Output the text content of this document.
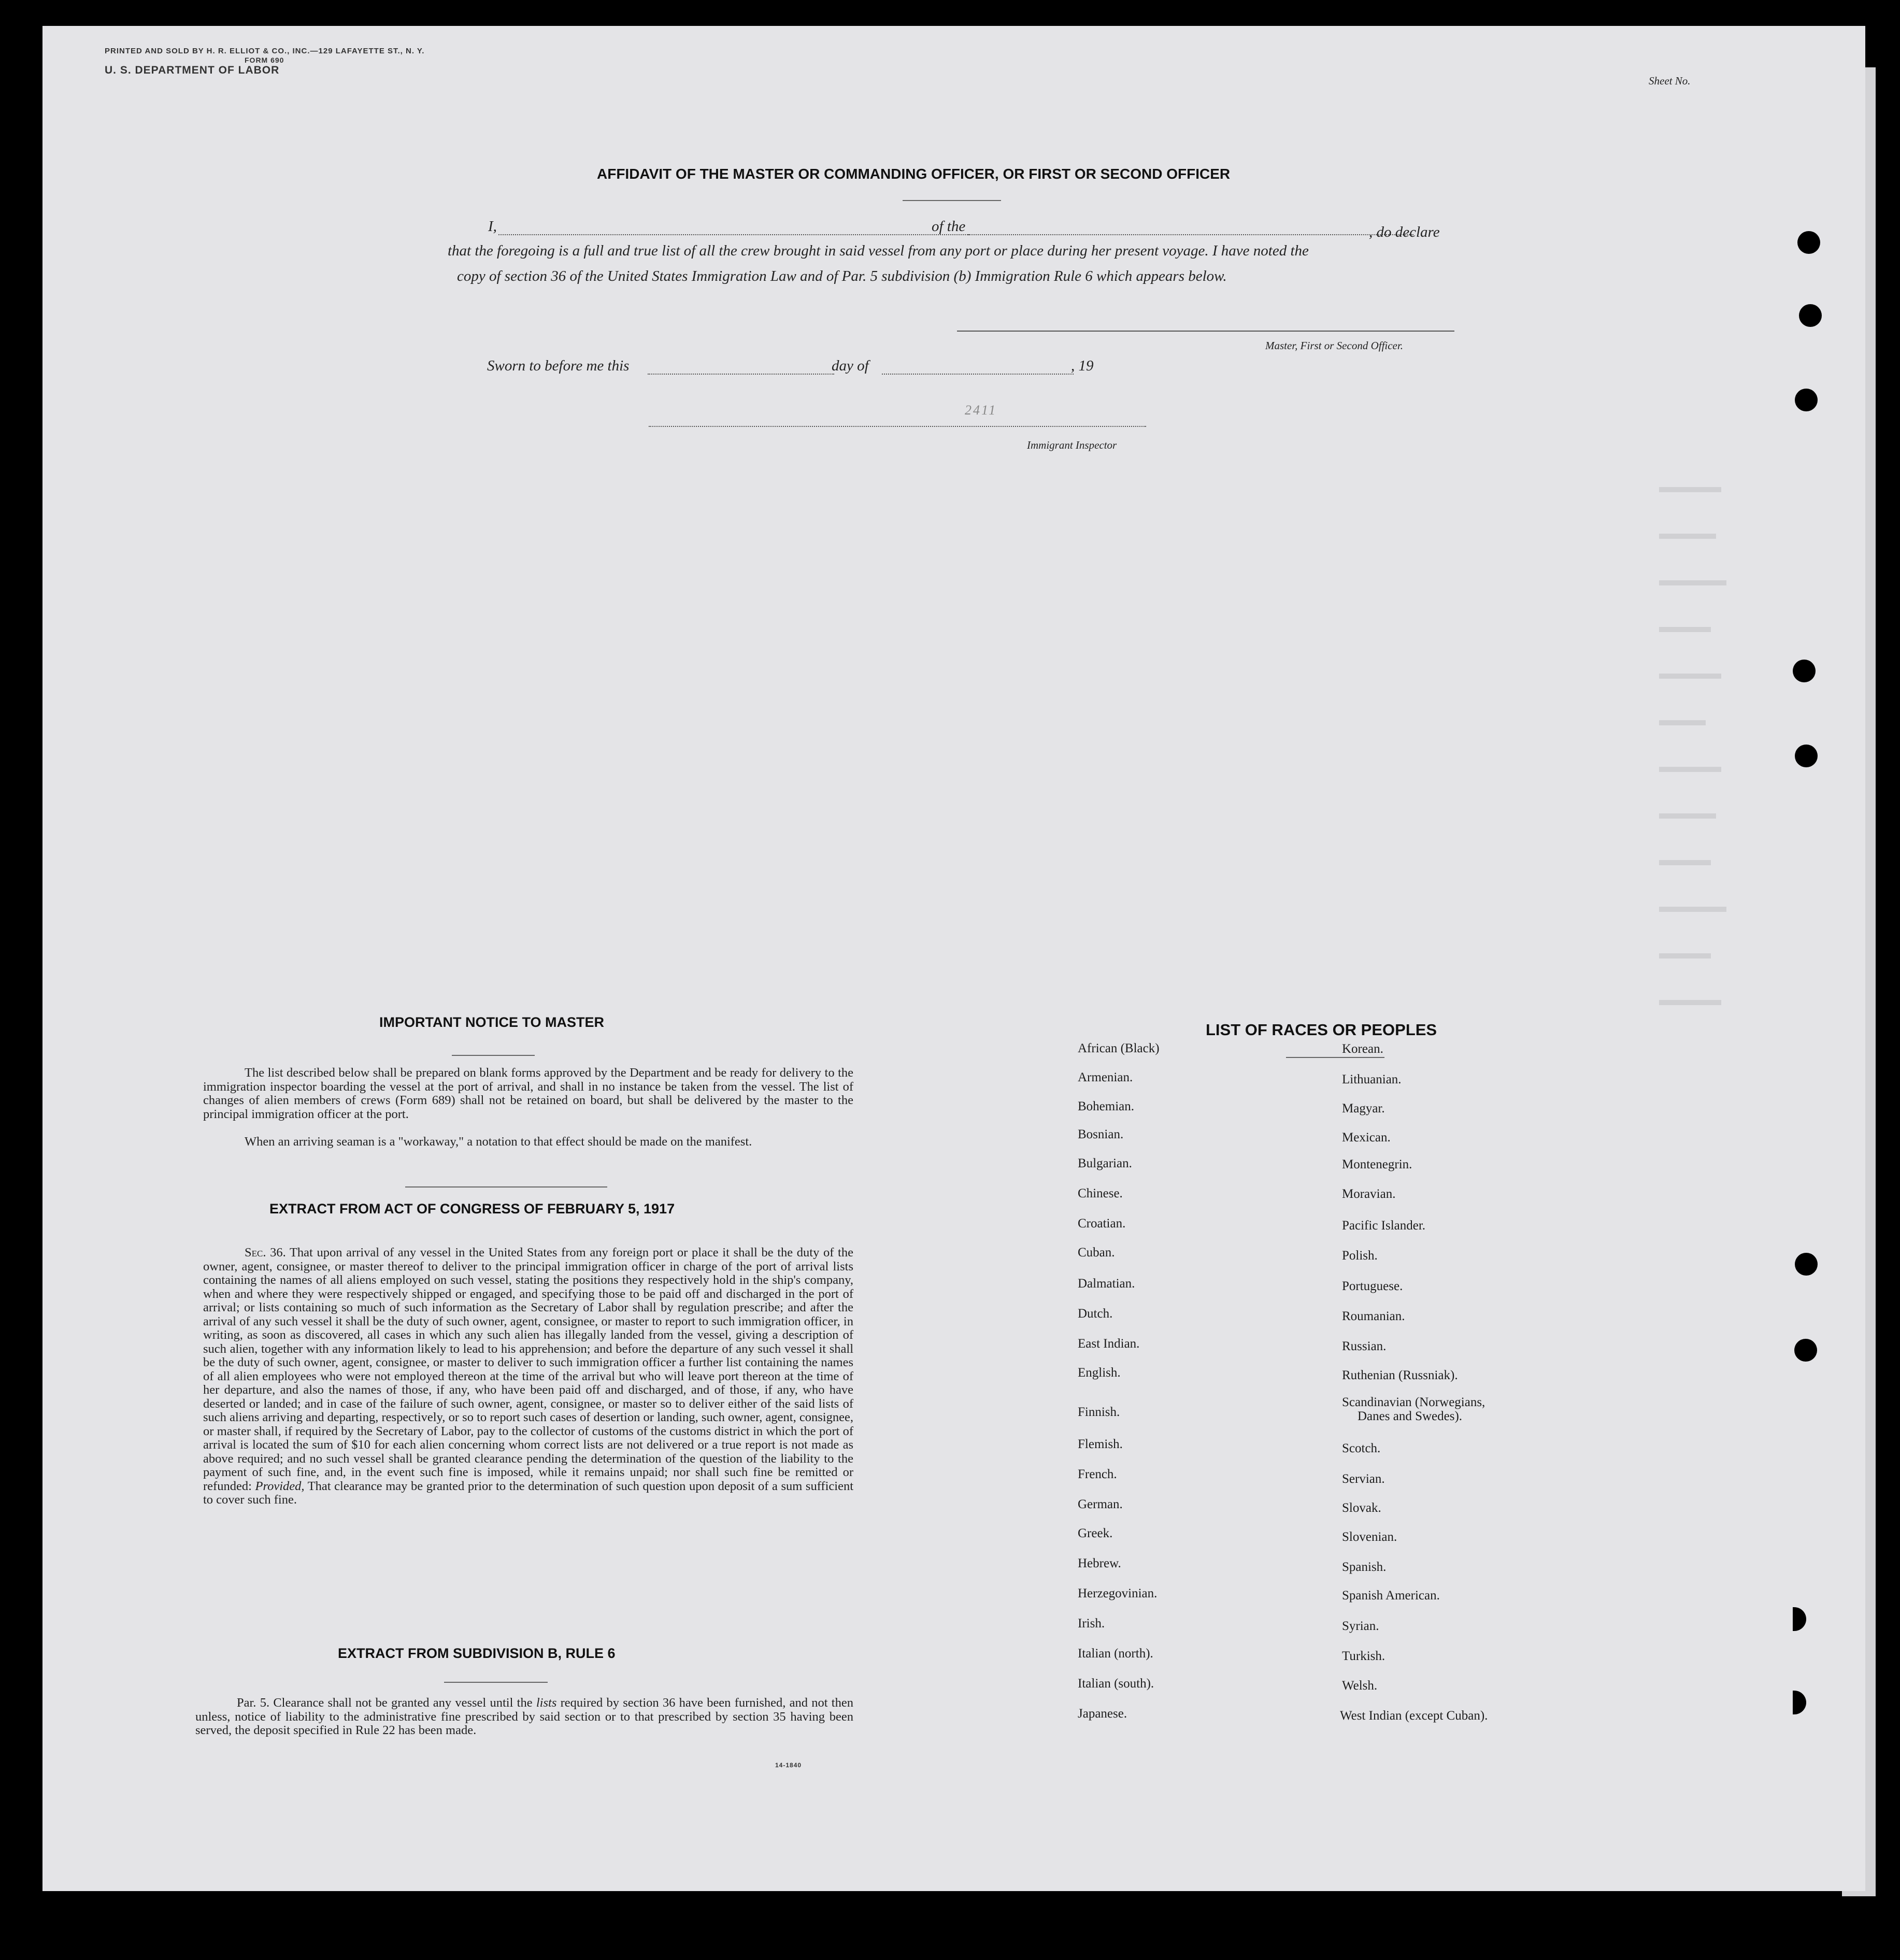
PRINTED AND SOLD BY H. R. ELLIOT & CO., INC.—129 LAFAYETTE ST., N. Y.
FORM 690
U. S. DEPARTMENT OF LABOR
Sheet No.
AFFIDAVIT OF THE MASTER OR COMMANDING OFFICER, OR FIRST OR SECOND OFFICER
I,	of the	, do declare
that the foregoing is a full and true list of all the crew brought in said vessel from any port or place during her present voyage. I have noted the
copy of section 36 of the United States Immigration Law and of Par. 5 subdivision (b) Immigration Rule 6 which appears below.
Master, First or Second Officer.
Sworn to before me this	day of	, 19
2411
Immigrant Inspector
IMPORTANT NOTICE TO MASTER
The list described below shall be prepared on blank forms approved by the Department and be ready for delivery to the immigration inspector boarding the vessel at the port of arrival, and shall in no instance be taken from the vessel. The list of changes of alien members of crews (Form 689) shall not be retained on board, but shall be delivered by the master to the principal immigration officer at the port.
When an arriving seaman is a "workaway," a notation to that effect should be made on the manifest.
EXTRACT FROM ACT OF CONGRESS OF FEBRUARY 5, 1917
Sec. 36. That upon arrival of any vessel in the United States from any foreign port or place it shall be the duty of the owner, agent, consignee, or master thereof to deliver to the principal immigration officer in charge of the port of arrival lists containing the names of all aliens employed on such vessel, stating the positions they respectively hold in the ship's company, when and where they were respectively shipped or engaged, and specifying those to be paid off and discharged in the port of arrival; or lists containing so much of such information as the Secretary of Labor shall by regulation prescribe; and after the arrival of any such vessel it shall be the duty of such owner, agent, consignee, or master to report to such immigration officer, in writing, as soon as discovered, all cases in which any such alien has illegally landed from the vessel, giving a description of such alien, together with any information likely to lead to his apprehension; and before the departure of any such vessel it shall be the duty of such owner, agent, consignee, or master to deliver to such immigration officer a further list containing the names of all alien employees who were not employed thereon at the time of the arrival but who will leave port thereon at the time of her departure, and also the names of those, if any, who have been paid off and discharged, and of those, if any, who have deserted or landed; and in case of the failure of such owner, agent, consignee, or master so to deliver either of the said lists of such aliens arriving and departing, respectively, or so to report such cases of desertion or landing, such owner, agent, consignee, or master shall, if required by the Secretary of Labor, pay to the collector of customs of the customs district in which the port of arrival is located the sum of $10 for each alien concerning whom correct lists are not delivered or a true report is not made as above required; and no such vessel shall be granted clearance pending the determination of the question of the liability to the payment of such fine, and, in the event such fine is imposed, while it remains unpaid; nor shall such fine be remitted or refunded: Provided, That clearance may be granted prior to the determination of such question upon deposit of a sum sufficient to cover such fine.
EXTRACT FROM SUBDIVISION B, RULE 6
Par. 5. Clearance shall not be granted any vessel until the lists required by section 36 have been furnished, and not then unless, notice of liability to the administrative fine prescribed by said section or to that prescribed by section 35 having been served, the deposit specified in Rule 22 has been made.
14-1840
LIST OF RACES OR PEOPLES
African (Black)
Armenian.
Bohemian.
Bosnian.
Bulgarian.
Chinese.
Croatian.
Cuban.
Dalmatian.
Dutch.
East Indian.
English.
Finnish.
Flemish.
French.
German.
Greek.
Hebrew.
Herzegovinian.
Irish.
Italian (north).
Italian (south).
Japanese.
Korean.
Lithuanian.
Magyar.
Mexican.
Montenegrin.
Moravian.
Pacific Islander.
Polish.
Portuguese.
Roumanian.
Russian.
Ruthenian (Russniak).
Scandinavian (Norwegians,
Danes and Swedes).
Scotch.
Servian.
Slovak.
Slovenian.
Spanish.
Spanish American.
Syrian.
Turkish.
Welsh.
West Indian (except Cuban).
